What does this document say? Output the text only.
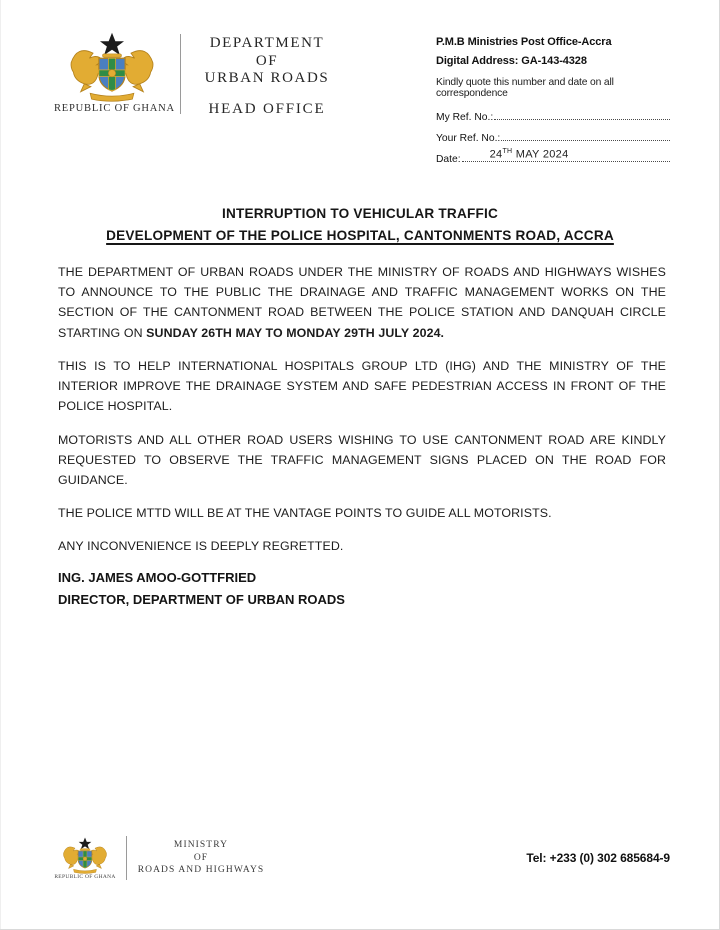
REPUBLIC OF GHANA
DEPARTMENT
OF
URBAN ROADS
HEAD OFFICE
P.M.B Ministries Post Office-Accra
Digital Address: GA-143-4328
Kindly quote this number and date on all correspondence
My Ref. No.:
Your Ref. No.:
Date:	24TH MAY 2024
INTERRUPTION TO VEHICULAR TRAFFIC
DEVELOPMENT OF THE POLICE HOSPITAL, CANTONMENTS ROAD, ACCRA

THE DEPARTMENT OF URBAN ROADS UNDER THE MINISTRY OF ROADS AND HIGHWAYS WISHES TO ANNOUNCE TO THE PUBLIC THE DRAINAGE AND TRAFFIC MANAGEMENT WORKS ON THE SECTION OF THE CANTONMENT ROAD BETWEEN THE POLICE STATION AND DANQUAH CIRCLE STARTING ON SUNDAY 26TH MAY TO MONDAY 29TH JULY 2024.

THIS IS TO HELP INTERNATIONAL HOSPITALS GROUP LTD (IHG) AND THE MINISTRY OF THE INTERIOR IMPROVE THE DRAINAGE SYSTEM AND SAFE PEDESTRIAN ACCESS IN FRONT OF THE POLICE HOSPITAL.

MOTORISTS AND ALL OTHER ROAD USERS WISHING TO USE CANTONMENT ROAD ARE KINDLY REQUESTED TO OBSERVE THE TRAFFIC MANAGEMENT SIGNS PLACED ON THE ROAD FOR GUIDANCE.

THE POLICE MTTD WILL BE AT THE VANTAGE POINTS TO GUIDE ALL MOTORISTS.

ANY INCONVENIENCE IS DEEPLY REGRETTED.

ING. JAMES AMOO-GOTTFRIED
DIRECTOR, DEPARTMENT OF URBAN ROADS
REPUBLIC OF GHANA
MINISTRY
OF
ROADS AND HIGHWAYS
Tel: +233 (0) 302 685684-9
